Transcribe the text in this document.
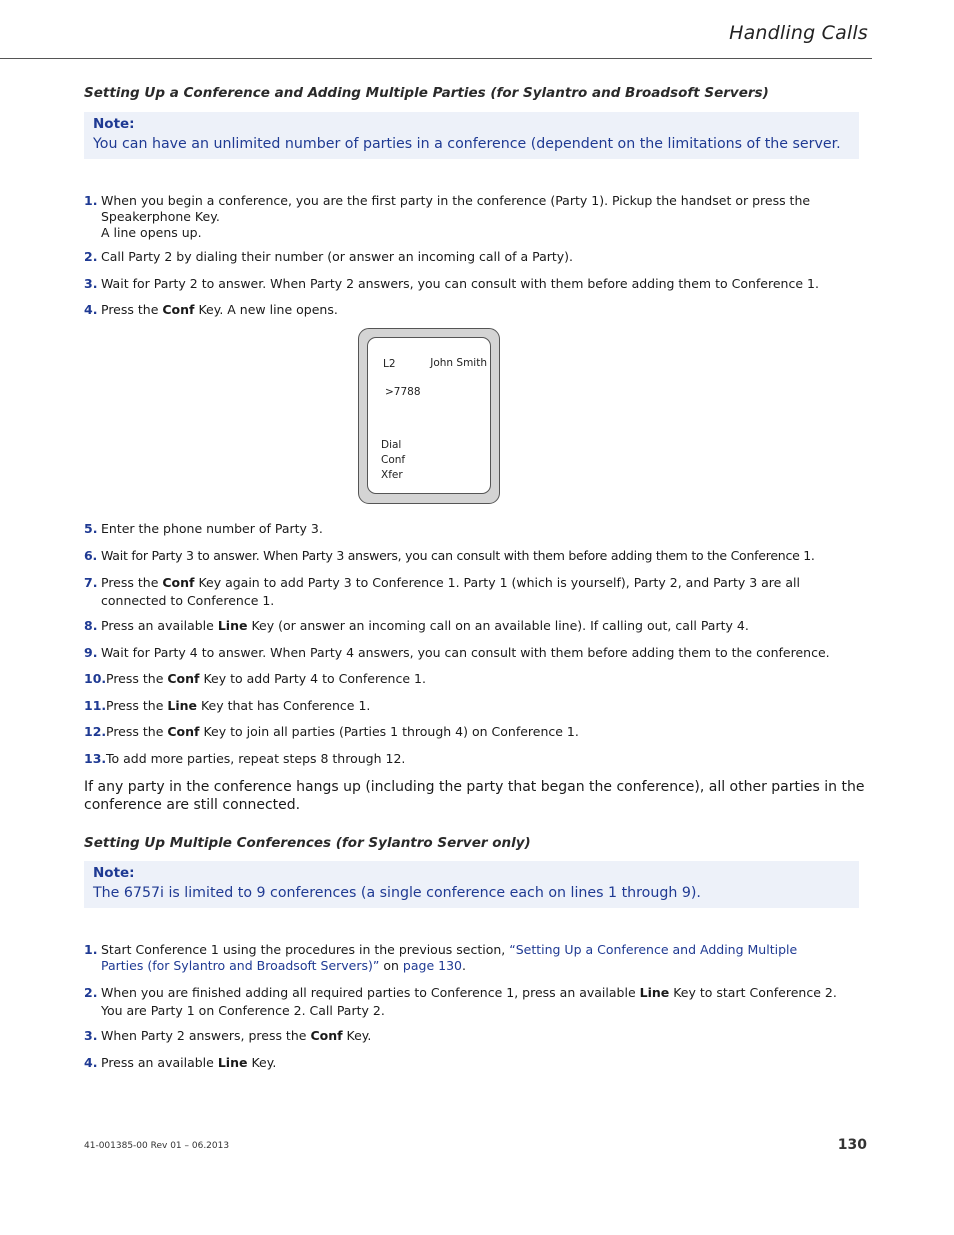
Handling Calls
Setting Up a Conference and Adding Multiple Parties (for Sylantro and Broadsoft Servers)
Note:
You can have an unlimited number of parties in a conference (dependent on the limitations of the server.
1. When you begin a conference, you are the first party in the conference (Party 1). Pickup the handset or press the
Speakerphone Key.
A line opens up.
2. Call Party 2 by dialing their number (or answer an incoming call of a Party).
3. Wait for Party 2 to answer. When Party 2 answers, you can consult with them before adding them to Conference 1.
4. Press the Conf Key. A new line opens.
L2	John Smith
>7788
Dial
Conf
Xfer
5. Enter the phone number of Party 3.
6. Wait for Party 3 to answer. When Party 3 answers, you can consult with them before adding them to the Conference 1.
7. Press the Conf Key again to add Party 3 to Conference 1. Party 1 (which is yourself), Party 2, and Party 3 are all
connected to Conference 1.
8. Press an available Line Key (or answer an incoming call on an available line). If calling out, call Party 4.
9. Wait for Party 4 to answer. When Party 4 answers, you can consult with them before adding them to the conference.
10.Press the Conf Key to add Party 4 to Conference 1.
11.Press the Line Key that has Conference 1.
12.Press the Conf Key to join all parties (Parties 1 through 4) on Conference 1.
13.To add more parties, repeat steps 8 through 12.
If any party in the conference hangs up (including the party that began the conference), all other parties in the conference are still connected.
Setting Up Multiple Conferences (for Sylantro Server only)
Note:
The 6757i is limited to 9 conferences (a single conference each on lines 1 through 9).
1. Start Conference 1 using the procedures in the previous section, “Setting Up a Conference and Adding Multiple
Parties (for Sylantro and Broadsoft Servers)” on page 130.
2. When you are finished adding all required parties to Conference 1, press an available Line Key to start Conference 2.
You are Party 1 on Conference 2. Call Party 2.
3. When Party 2 answers, press the Conf Key.
4. Press an available Line Key.
41-001385-00 Rev 01 – 06.2013	130
